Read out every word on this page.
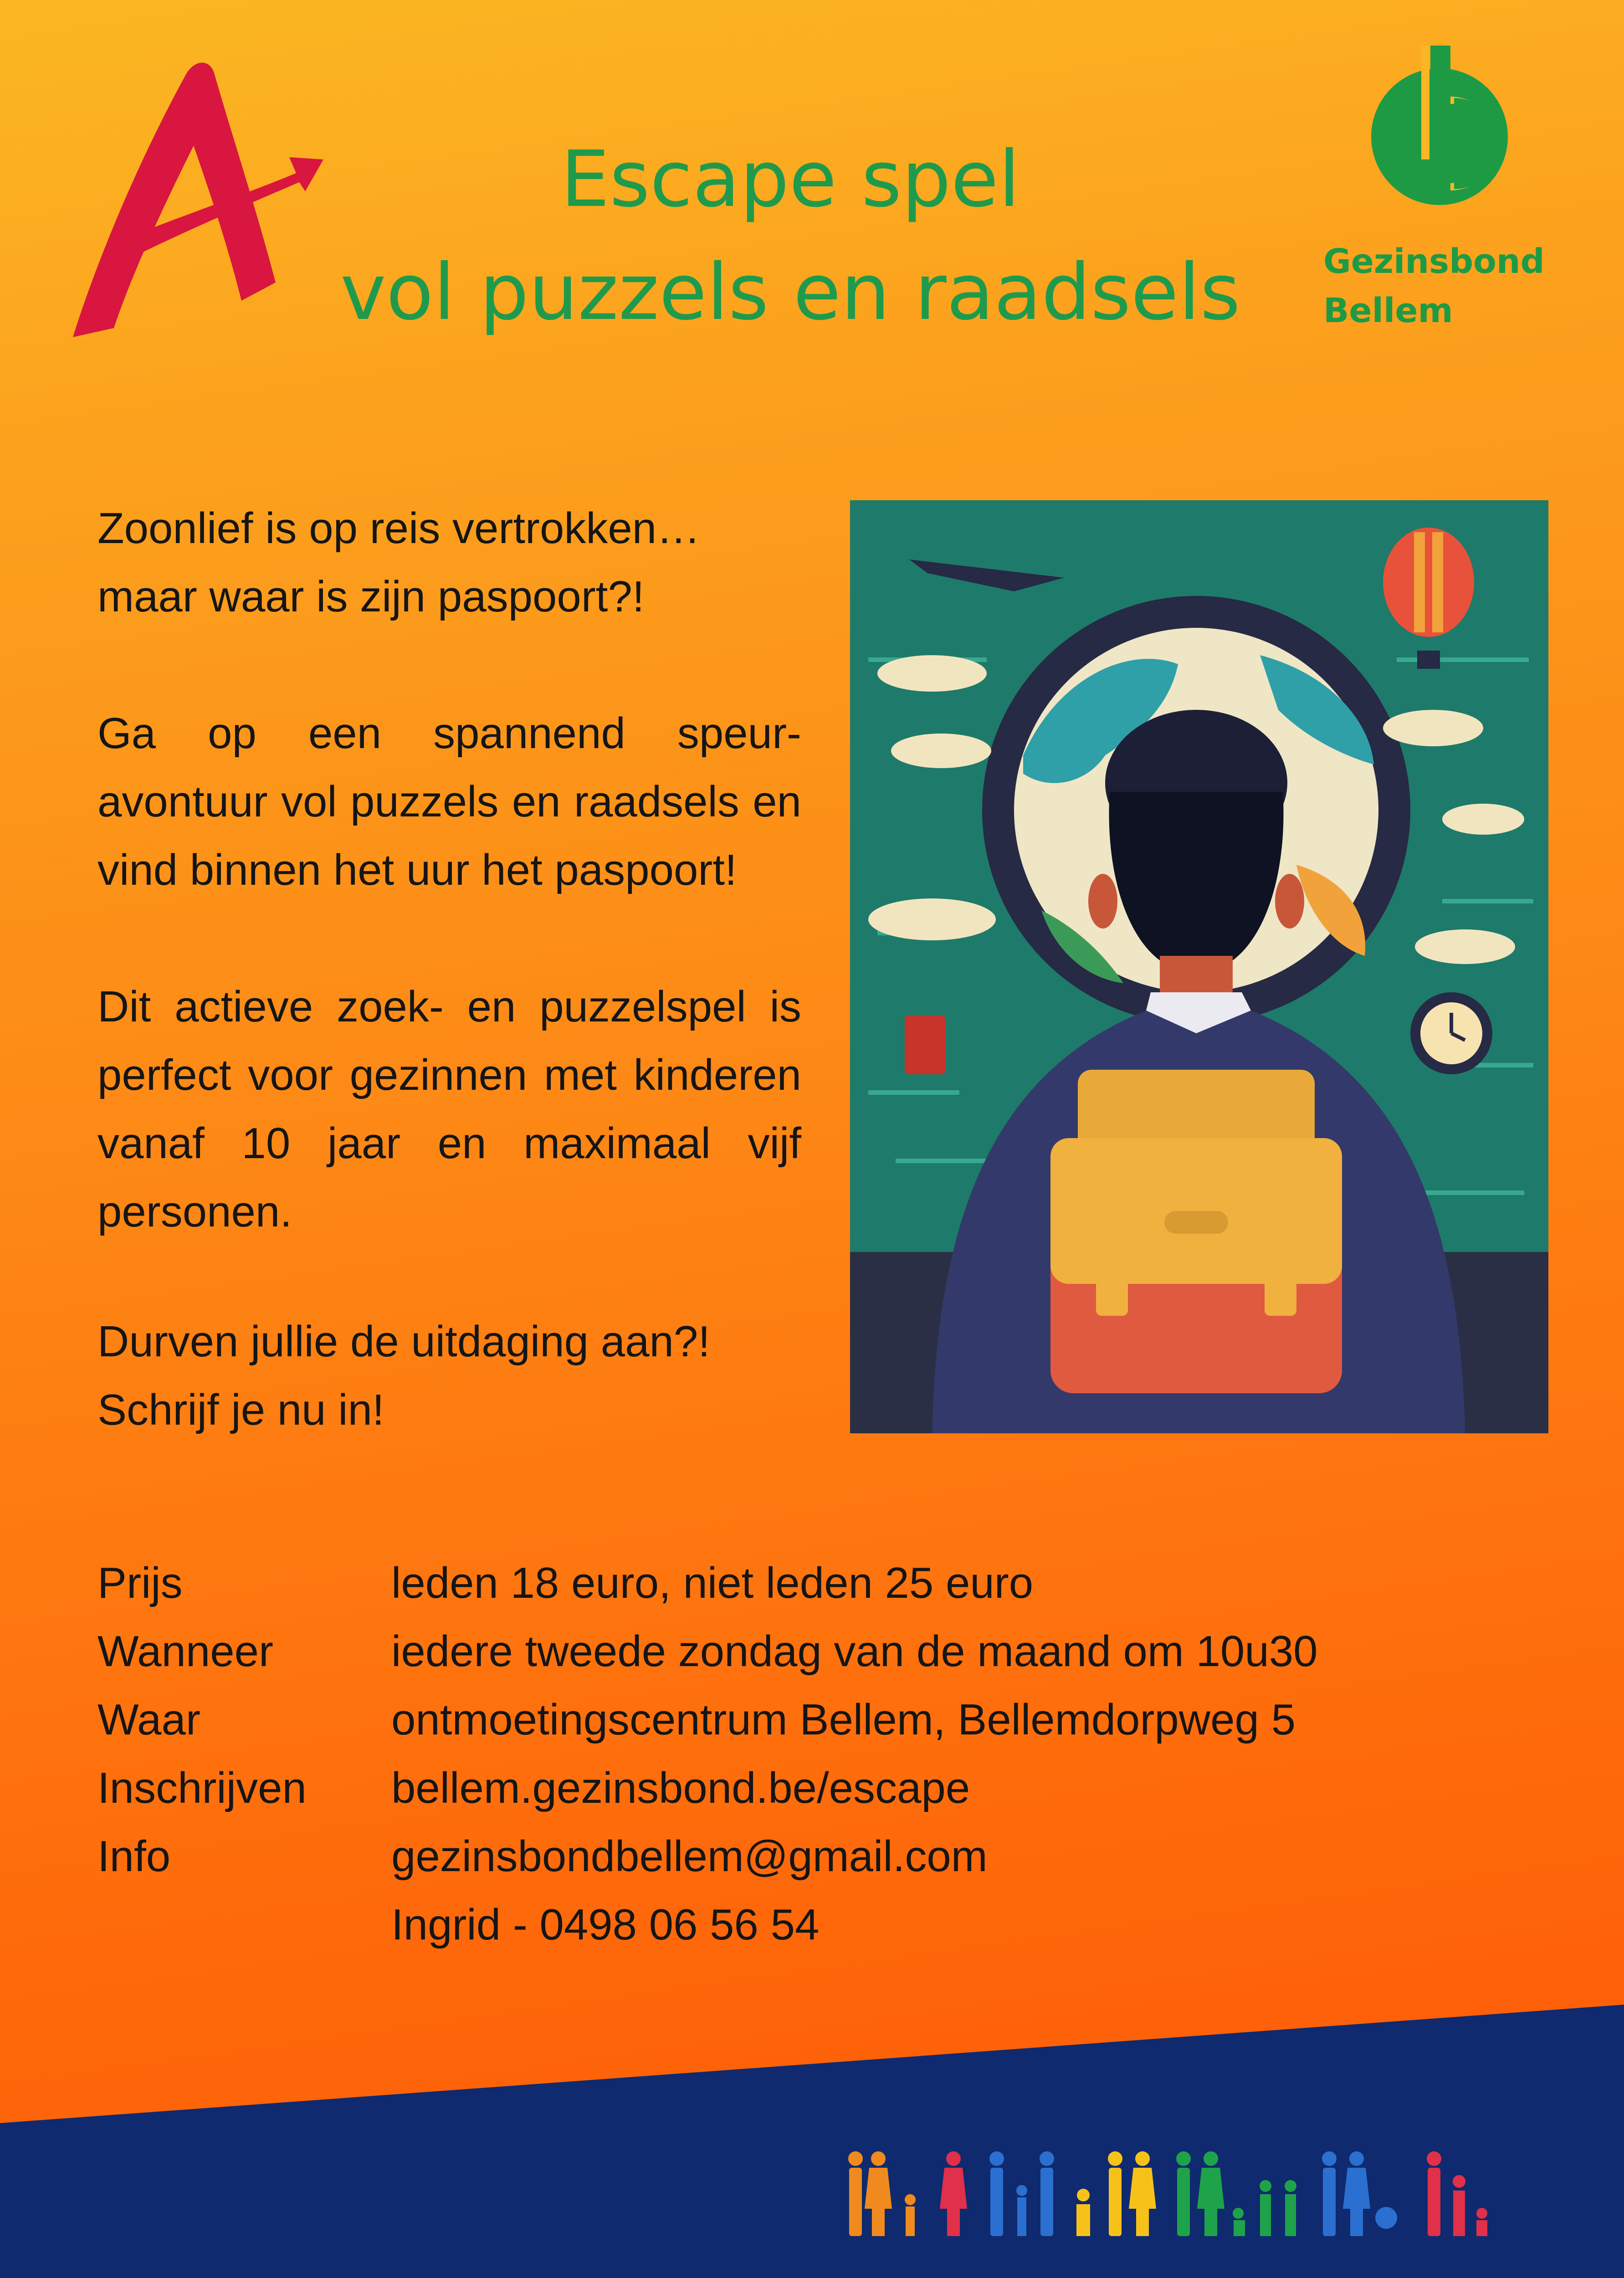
Gezinsbond
Bellem
Escape spel
vol puzzels en raadsels

Zoonlief is op reis vertrokken… maar waar is zijn paspoort?!

Ga op een spannend speur-avontuur vol puzzels en raadsels en vind binnen het uur het paspoort!

Dit actieve zoek- en puzzelspel is perfect voor gezinnen met kinderen vanaf 10 jaar en maximaal vijf personen.

Durven jullie de uitdaging aan?! Schrijf je nu in!

Prijs	leden 18 euro, niet leden 25 euro
Wanneer	iedere tweede zondag van de maand om 10u30
Waar	ontmoetingscentrum Bellem, Bellemdorpweg 5
Inschrijven	bellem.gezinsbond.be/escape
Info	gezinsbondbellem@gmail.com
Ingrid - 0498 06 56 54
